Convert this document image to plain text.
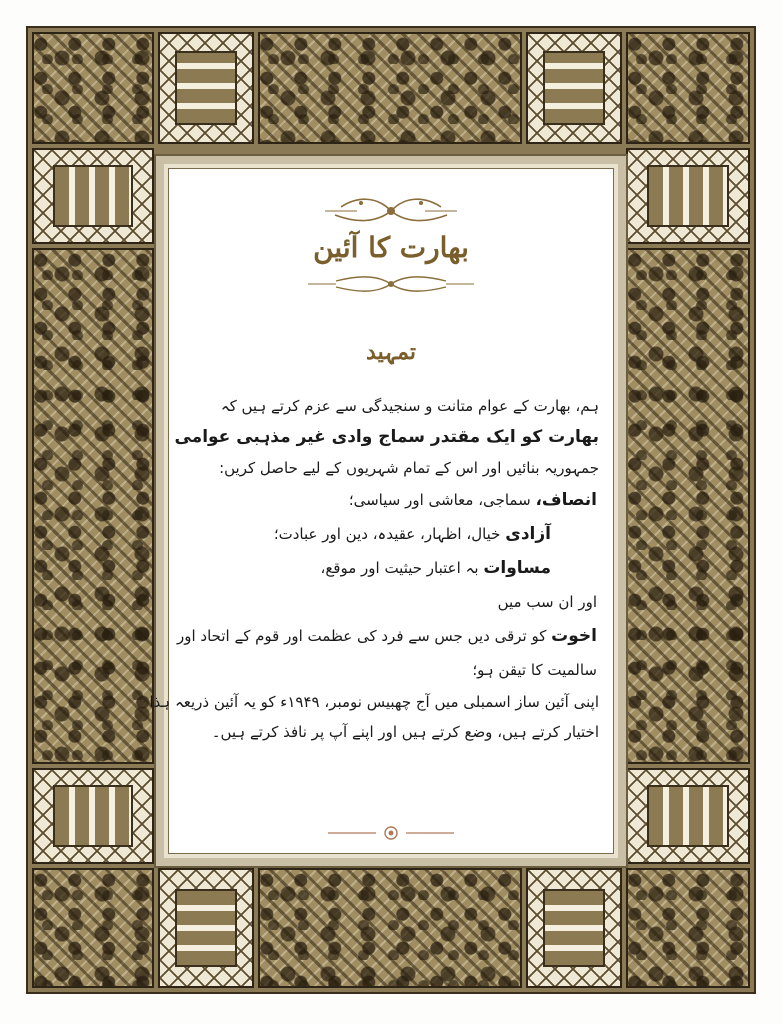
بھارت کا آئین
تمہید
ہم، بھارت کے عوام متانت و سنجیدگی سے عزم کرتے ہیں کہ
بھارت کو ایک مقتدر سماج وادی غیر مذہبی عوامی
جمہوریہ بنائیں اور اس کے تمام شہریوں کے لیے حاصل کریں:
انصاف، سماجی، معاشی اور سیاسی؛
آزادی خیال، اظہار، عقیدہ، دین اور عبادت؛
مساوات بہ اعتبار حیثیت اور موقع،
اور ان سب میں
اخوت کو ترقی دیں جس سے فرد کی عظمت اور قوم کے اتحاد اور
سالمیت کا تیقن ہو؛
اپنی آئین ساز اسمبلی میں آج چھبیس نومبر، ۱۹۴۹ء کو یہ آئین ذریعہ ہذا
اختیار کرتے ہیں، وضع کرتے ہیں اور اپنے آپ پر نافذ کرتے ہیں۔
